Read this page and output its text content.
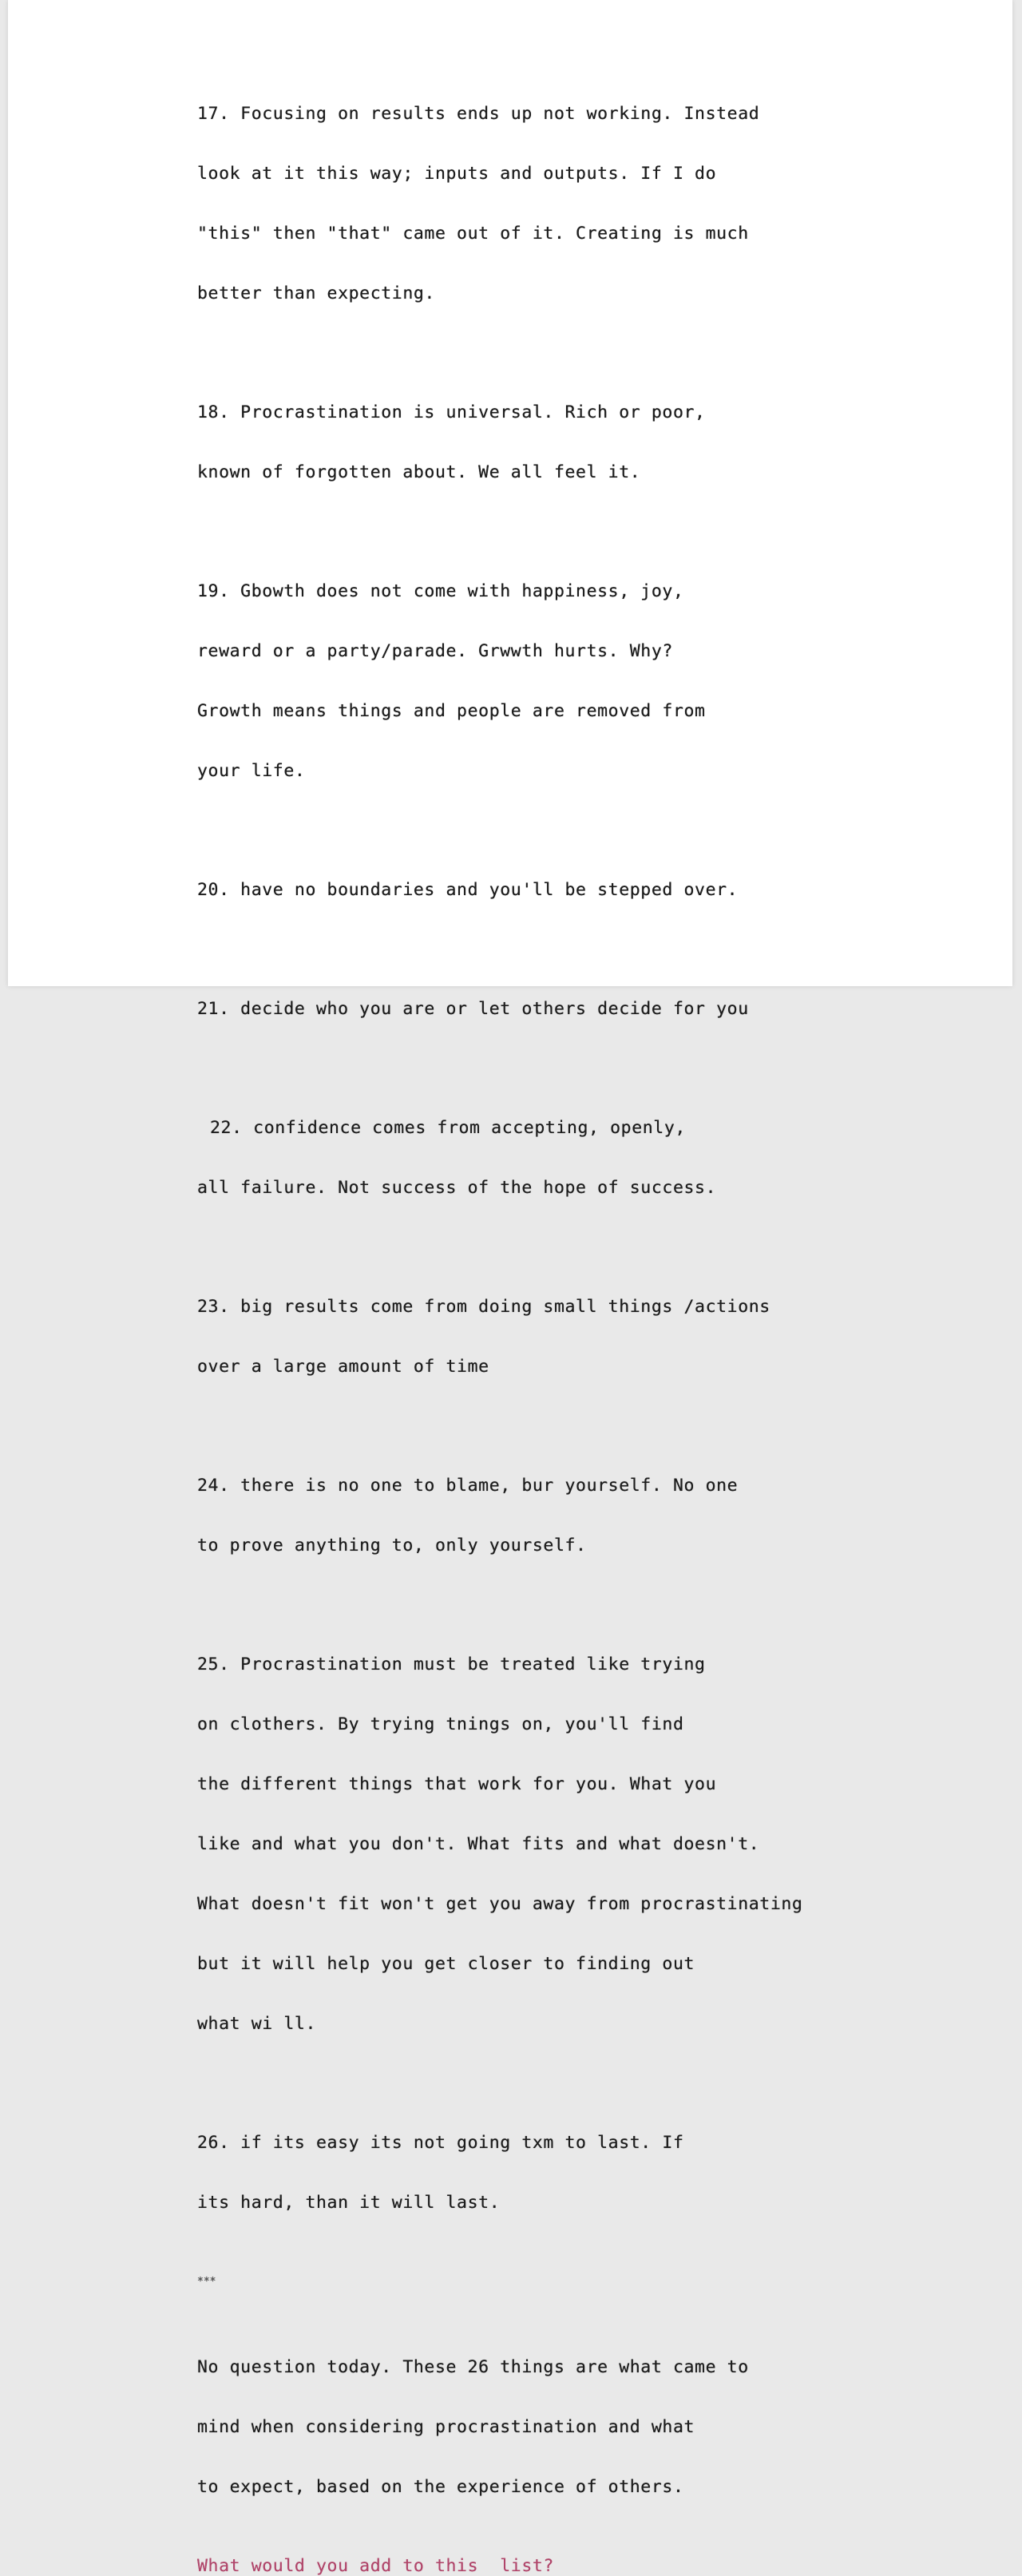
17. Focusing on results ends up not working. Instead

look at it this way; inputs and outputs. If I do

"this" then "that" came out of it. Creating is much

better than expecting.

18. Procrastination is universal. Rich or poor,

known of forgotten about. We all feel it.

19. Gbowth does not come with happiness, joy,

reward or a party/parade. Grwwth hurts. Why?

Growth means things and people are removed from

your life.

20. have no boundaries and you'll be stepped over.

21. decide who you are or let others decide for you

22. confidence comes from accepting, openly,

all failure. Not success of the hope of success.

23. big results come from doing small things /actions

over a large amount of time

24. there is no one to blame, bur yourself. No one

to prove anything to, only yourself.

25. Procrastination must be treated like trying

on clothers. By trying tnings on, you'll find

the different things that work for you. What you

like and what you don't. What fits and what doesn't.

What doesn't fit won't get you away from procrastinating

but it will help you get closer to finding out

what wi ll.

26. if its easy its not going txm to last. If

its hard, than it will last.

***

No question today. These 26 things are what came to

mind when considering procrastination and what

to expect, based on the experience of others.

What would you add to this  list?
